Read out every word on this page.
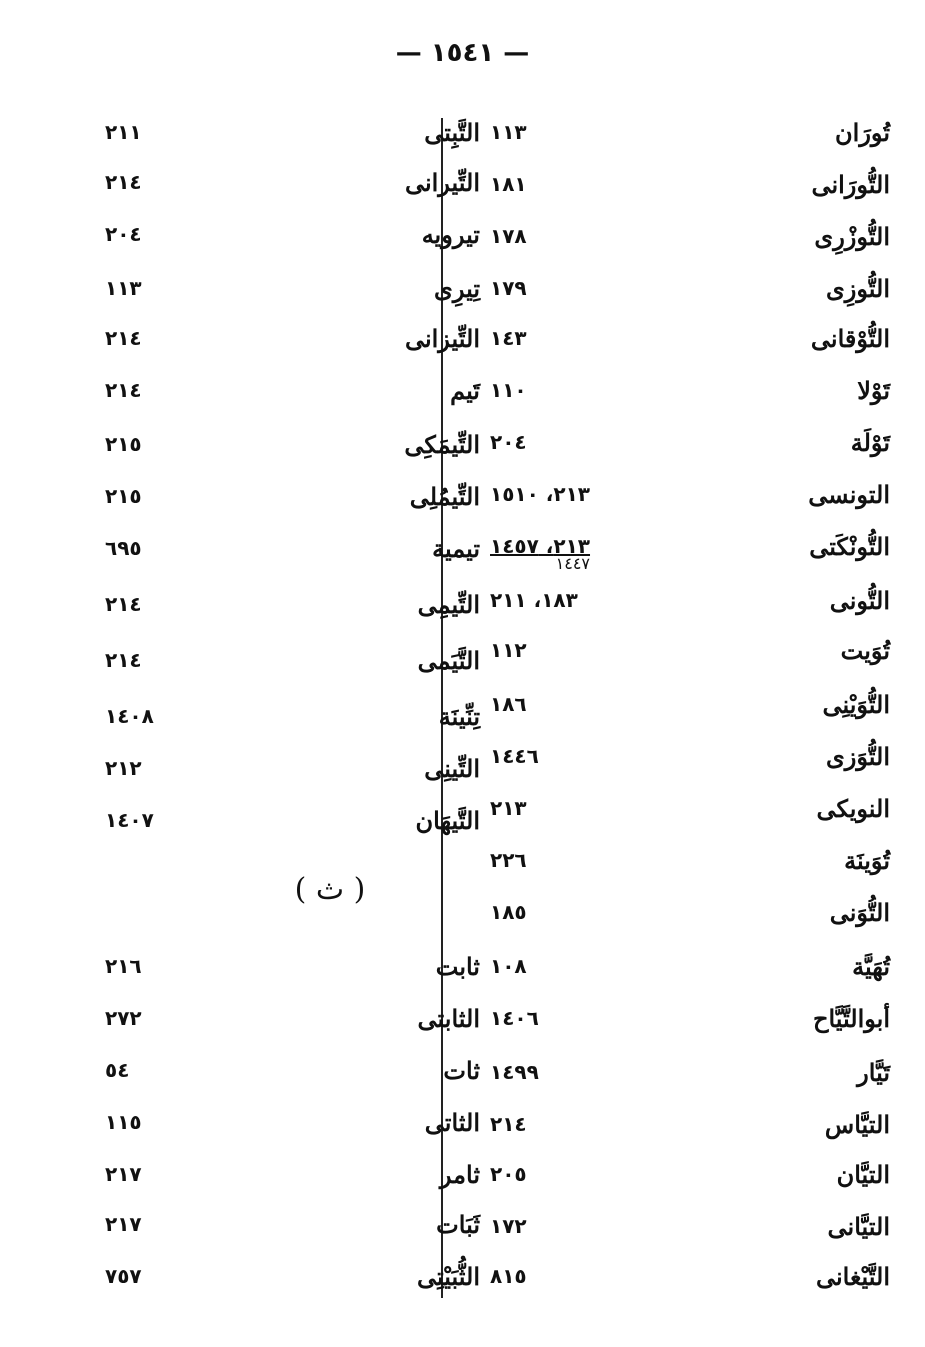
— ١٥٤١ —
تُورَان
١١٣
التُّورَانى
١٨١
التُّوزْرِى
١٧٨
التُّوزِى
١٧٩
التُّوْقانى
١٤٣
تَوْلا
١١٠
تَوْلَة
٢٠٤
التونسى
٢١٣، ١٥١٠
التُّونْكَتى
٢١٣، ١٤٥٧
١٤٤٧
التُّونى
١٨٣، ٢١١
تُوَيت
١١٢
التُّوَيْنِى
١٨٦
التُّوَزى
١٤٤٦
النويكى
٢١٣
تُوَينَة
٢٢٦
التُّوَنى
١٨٥
تُهَيَّة
١٠٨
أبوالتَّيَّاح
١٤٠٦
تَيَّار
١٤٩٩
التيَّاس
٢١٤
التيَّان
٢٠٥
التيَّانى
١٧٢
التَّيْغانى
٨١٥
( ث )
التَّبِتى
٢١١
التِّيرانى
٢١٤
تيرويه
٢٠٤
تِيرِى
١١٣
التِّيزانى
٢١٤
تَيم
٢١٤
التِّيمَكِى
٢١٥
التِّيمُلِى
٢١٥
تيمية
٦٩٥
التِّيمِى
٢١٤
التَّيَمى
٢١٤
تِنِّينَة
١٤٠٨
التِّينِى
٢١٢
التَّيهَان
١٤٠٧
ثابت
٢١٦
الثابتى
٢٧٢
ثات
٥٤
الثاتى
١١٥
ثامر
٢١٧
ثَبَات
٢١٧
الثُّبَيْتِى
٧٥٧
